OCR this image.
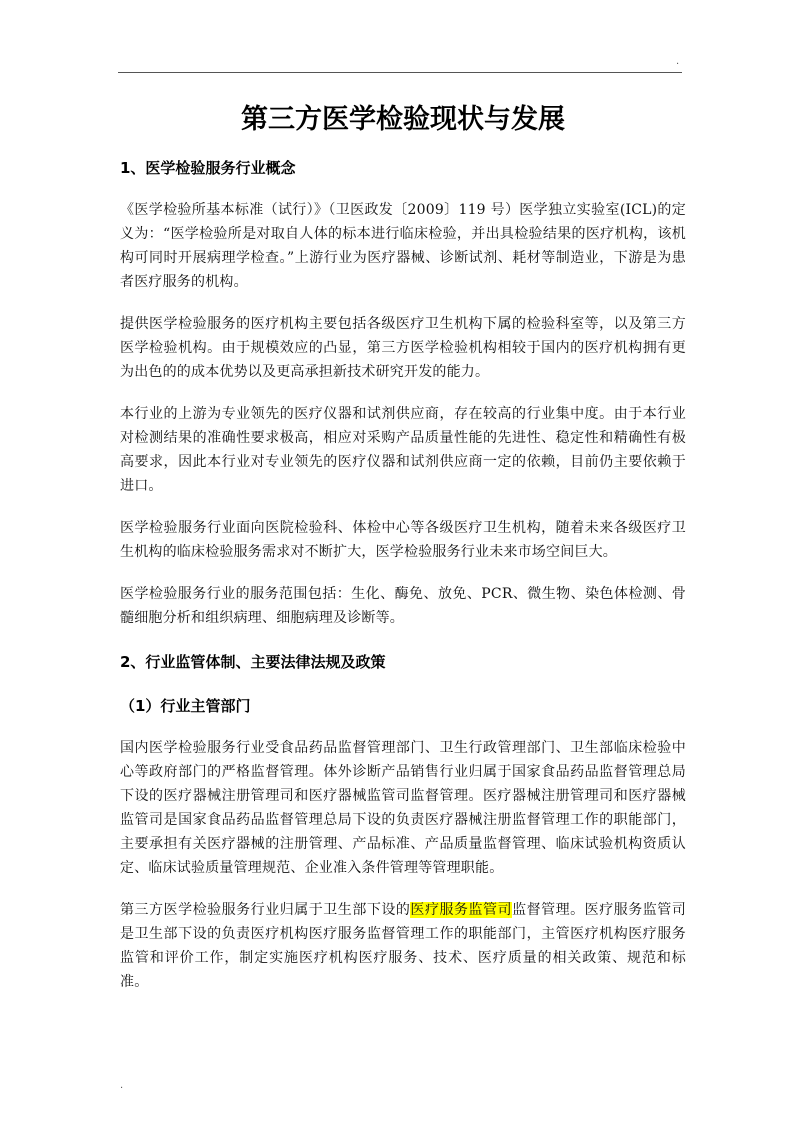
.
第三方医学检验现状与发展
1、医学检验服务行业概念

《医学检验所基本标准（试行）》（卫医政发〔2009〕119 号）医学独立实验室(ICL)的定义为：“医学检验所是对取自人体的标本进行临床检验，并出具检验结果的医疗机构，该机构可同时开展病理学检查。”上游行业为医疗器械、诊断试剂、耗材等制造业，下游是为患者医疗服务的机构。

提供医学检验服务的医疗机构主要包括各级医疗卫生机构下属的检验科室等，以及第三方医学检验机构。由于规模效应的凸显，第三方医学检验机构相较于国内的医疗机构拥有更为出色的的成本优势以及更高承担新技术研究开发的能力。

本行业的上游为专业领先的医疗仪器和试剂供应商，存在较高的行业集中度。由于本行业对检测结果的准确性要求极高，相应对采购产品质量性能的先进性、稳定性和精确性有极高要求，因此本行业对专业领先的医疗仪器和试剂供应商一定的依赖，目前仍主要依赖于进口。

医学检验服务行业面向医院检验科、体检中心等各级医疗卫生机构，随着未来各级医疗卫生机构的临床检验服务需求对不断扩大，医学检验服务行业未来市场空间巨大。

医学检验服务行业的服务范围包括：生化、酶免、放免、PCR、微生物、染色体检测、骨髓细胞分析和组织病理、细胞病理及诊断等。

2、行业监管体制、主要法律法规及政策
（1）行业主管部门

国内医学检验服务行业受食品药品监督管理部门、卫生行政管理部门、卫生部临床检验中心等政府部门的严格监督管理。体外诊断产品销售行业归属于国家食品药品监督管理总局下设的医疗器械注册管理司和医疗器械监管司监督管理。医疗器械注册管理司和医疗器械监管司是国家食品药品监督管理总局下设的负责医疗器械注册监督管理工作的职能部门，主要承担有关医疗器械的注册管理、产品标准、产品质量监督管理、临床试验机构资质认定、临床试验质量管理规范、企业准入条件管理等管理职能。

第三方医学检验服务行业归属于卫生部下设的医疗服务监管司监督管理。医疗服务监管司是卫生部下设的负责医疗机构医疗服务监督管理工作的职能部门，主管医疗机构医疗服务监管和评价工作，制定实施医疗机构医疗服务、技术、医疗质量的相关政策、规范和标准。

.
